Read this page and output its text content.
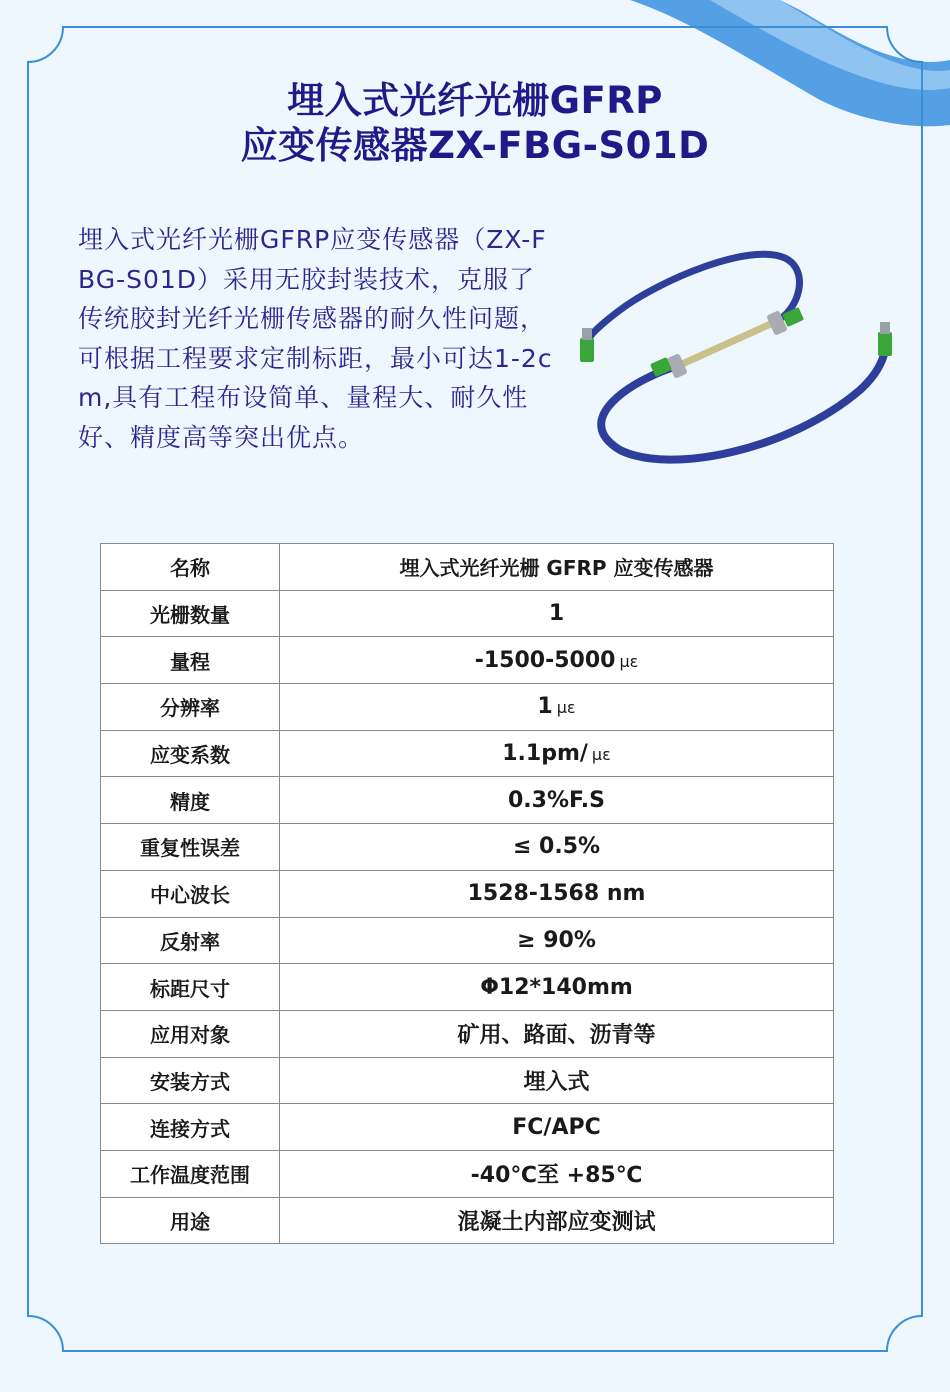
埋入式光纤光栅GFRP
应变传感器ZX-FBG-S01D
埋入式光纤光栅GFRP应变传感器（ZX-FBG-S01D）采用无胶封装技术，克服了传统胶封光纤光栅传感器的耐久性问题，可根据工程要求定制标距，最小可达1-2cm,具有工程布设简单、量程大、耐久性好、精度高等突出优点。
名称	埋入式光纤光栅 GFRP 应变传感器
光栅数量	1
量程	-1500-5000 με
分辨率	1 με
应变系数	1.1pm/ με
精度	0.3%F.S
重复性误差	≤ 0.5%
中心波长	1528-1568 nm
反射率	≥ 90%
标距尺寸	Φ12*140mm
应用对象	矿用、路面、沥青等
安装方式	埋入式
连接方式	FC/APC
工作温度范围	-40℃至 +85℃
用途	混凝土内部应变测试
